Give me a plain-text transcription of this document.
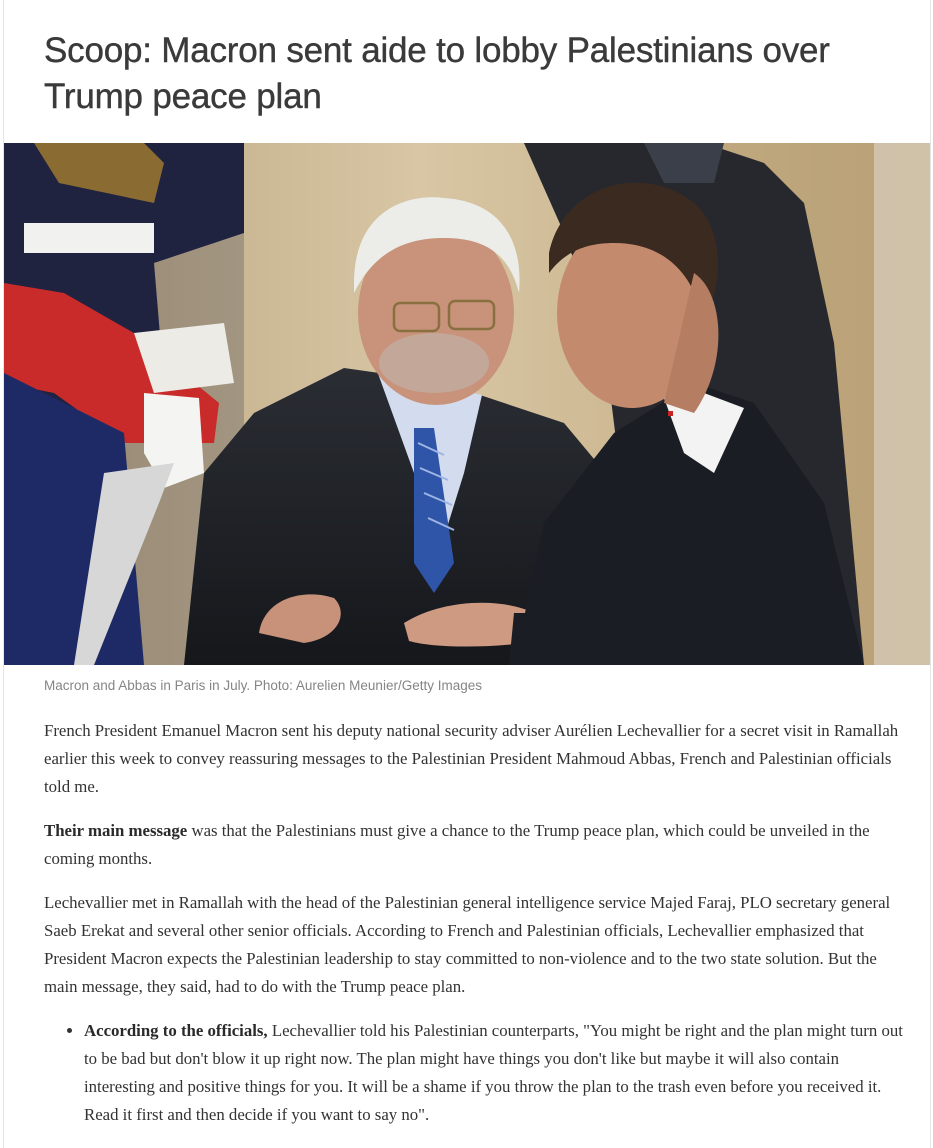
Scoop: Macron sent aide to lobby Palestinians over Trump peace plan
Macron and Abbas in Paris in July. Photo: Aurelien Meunier/Getty Images

French President Emanuel Macron sent his deputy national security adviser Aurélien Lechevallier for a secret visit in Ramallah earlier this week to convey reassuring messages to the Palestinian President Mahmoud Abbas, French and Palestinian officials told me.

Their main message was that the Palestinians must give a chance to the Trump peace plan, which could be unveiled in the coming months.

Lechevallier met in Ramallah with the head of the Palestinian general intelligence service Majed Faraj, PLO secretary general Saeb Erekat and several other senior officials. According to French and Palestinian officials, Lechevallier emphasized that President Macron expects the Palestinian leadership to stay committed to non-violence and to the two state solution. But the main message, they said, had to do with the Trump peace plan.

• According to the officials, Lechevallier told his Palestinian counterparts, "You might be right and the plan might turn out to be bad but don't blow it up right now. The plan might have things you don't like but maybe it will also contain interesting and positive things for you. It will be a shame if you throw the plan to the trash even before you received it. Read it first and then decide if you want to say no".
